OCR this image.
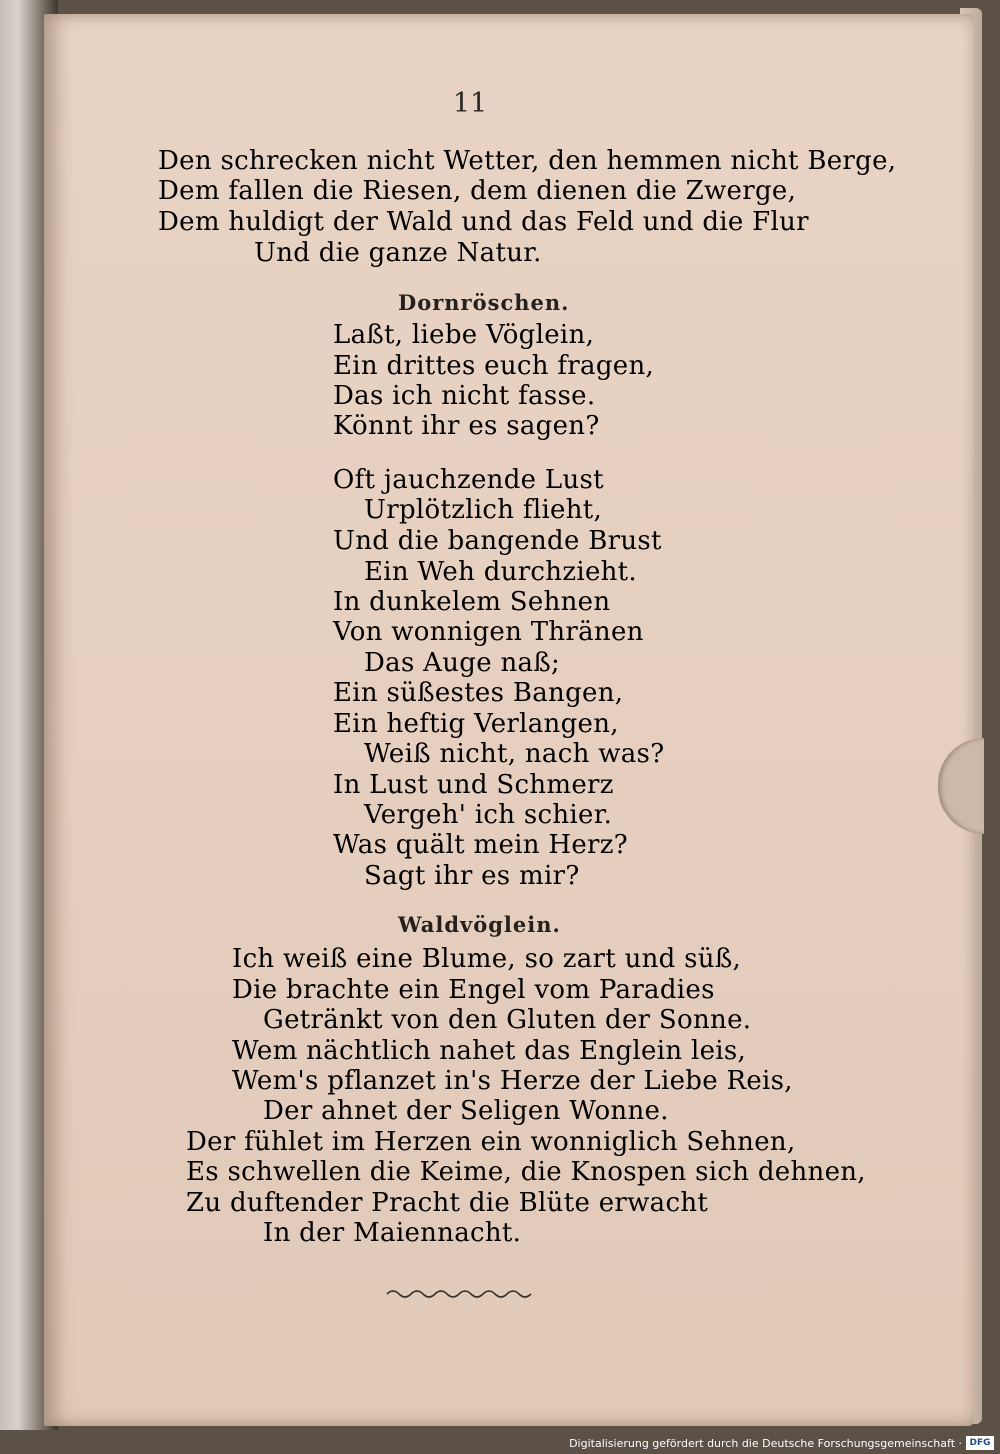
11
Den schrecken nicht Wetter, den hemmen nicht Berge,
Dem fallen die Riesen, dem dienen die Zwerge,
Dem huldigt der Wald und das Feld und die Flur
Und die ganze Natur.
Dornröschen.
Laßt, liebe Vöglein,
Ein drittes euch fragen,
Das ich nicht fasse.
Könnt ihr es sagen?
Oft jauchzende Lust
Urplötzlich flieht,
Und die bangende Brust
Ein Weh durchzieht.
In dunkelem Sehnen
Von wonnigen Thränen
Das Auge naß;
Ein süßestes Bangen,
Ein heftig Verlangen,
Weiß nicht, nach was?
In Lust und Schmerz
Vergeh' ich schier.
Was quält mein Herz?
Sagt ihr es mir?
Waldvöglein.
Ich weiß eine Blume, so zart und süß,
Die brachte ein Engel vom Paradies
Getränkt von den Gluten der Sonne.
Wem nächtlich nahet das Englein leis,
Wem's pflanzet in's Herze der Liebe Reis,
Der ahnet der Seligen Wonne.
Der fühlet im Herzen ein wonniglich Sehnen,
Es schwellen die Keime, die Knospen sich dehnen,
Zu duftender Pracht die Blüte erwacht
In der Maiennacht.
Digitalisierung gefördert durch die Deutsche Forschungsgemeinschaft · DFG
